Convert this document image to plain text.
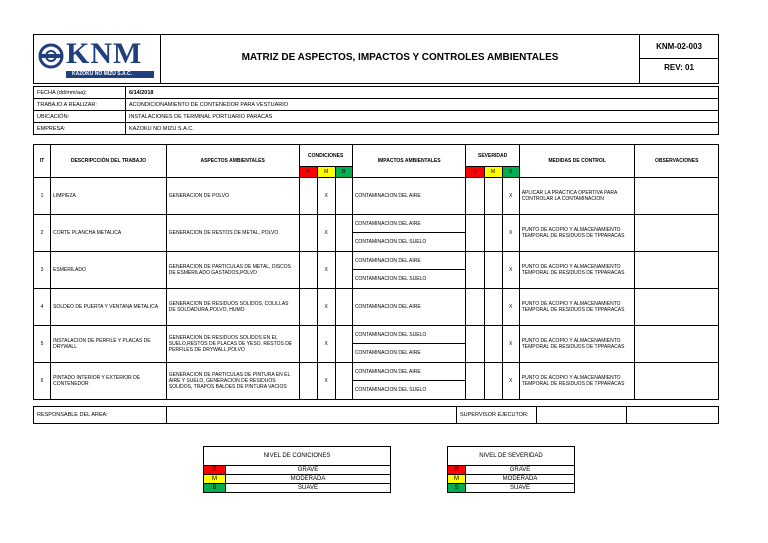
KNM
KAZOKU NO MIZU S.A.C.
MATRIZ DE ASPECTOS, IMPACTOS Y CONTROLES AMBIENTALES
KNM-02-003
REV: 01
FECHA (dd/mm/aa):	6/14/2018
TRABAJO A REALIZAR:	ACONDICIONAMIENTO DE CONTENEDOR PARA VESTUARIO
UBICACIÓN:	INSTALACIONES DE TERMINAL PORTUARIO PARACAS
EMPRESA:	KAZOKU NO MIZU S.A.C.
IT	DESCRIPCCIÓN DEL TRABAJO	ASPECTOS AMBIENTALES	CONDICIONES			IMPACTOS AMBIENTALES	SEVERIDAD			MEDIDAS DE CONTROL	OBSERVACIONES
			R	M	B		R	M	S		
1	LIMPIEZA	GENERACION DE POLVO		X		CONTAMINACION DEL AIRE			X	APLICAR LA PRACTICA OPERTIVA PARA CONTROLAR LA CONTAMINACION	
2	CORTE PLANCHA METALICA	GENERACION DE RESTOS DE METAL, POLVO		X		CONTAMINACION DEL AIRE			X	PUNTO DE ACOPIO Y ALMACENAMIENTO TEMPORAL DE RESIDUOS DE TPPARACAS	
						CONTAMINACION DEL SUELO					
3	ESMERILADO	GENERACION DE PARTICULAS DE METAL, DISCOS DE ESMERILADO GASTADOS,POLVO		X		CONTAMINACION DEL AIRE			X	PUNTO DE ACOPIO Y ALMACENAMIENTO TEMPORAL DE RESIDUOS DE TPPARACAS	
						CONTAMINACION DEL SUELO					
4	SOLDEO DE PUERTA Y VENTANA METALICA	GENERACION DE RESIDUOS SOLIDOS, COLILLAS DE SOLDADURA,POLVO, HUMO		X		CONTAMINACION DEL AIRE			X	PUNTO DE ACOPIO Y ALMACENAMIENTO TEMPORAL DE RESIDUOS DE TPPARACAS	
5	INSTALACION DE PERFILE Y PLACAS DE DRYWALL	GENERACION DE RESIDUOS SOLIDOS EN EL SUELO,RESTOS DE PLACAS DE YESO, RESTOS DE PERFILES DE DRYWALL,POLVO		X		CONTAMINACION DEL SUELO			X	PUNTO DE ACOPIO Y ALMACENAMIENTO TEMPORAL DE RESIDUOS DE TPPARACAS	
						CONTAMINACION DEL AIRE					
6	PINTADO INTERIOR Y EXTERIOR DE CONTENEDOR	GENERACION DE PARTICULAS DE PINTURA EN EL AIRE Y SUELO, GENERACION DE RESIDUOS SOLIDOS, TRAPOS BALDES DE PINTURA VACIOS		X		CONTAMINACION DEL AIRE			X	PUNTO DE ACOPIO Y ALMACENAMIENTO TEMPORAL DE RESIDUOS DE TPPARACAS	
						CONTAMINACION DEL SUELO					
RESPONSABLE DEL AREA:		SUPERVISOR EJECUTOR:		
NIVEL DE CONICIONES	
R	GRAVE
M	MODERADA
B	SUAVE
NIVEL DE SEVERIDAD	
R	GRAVE
M	MODERADA
S	SUAVE
